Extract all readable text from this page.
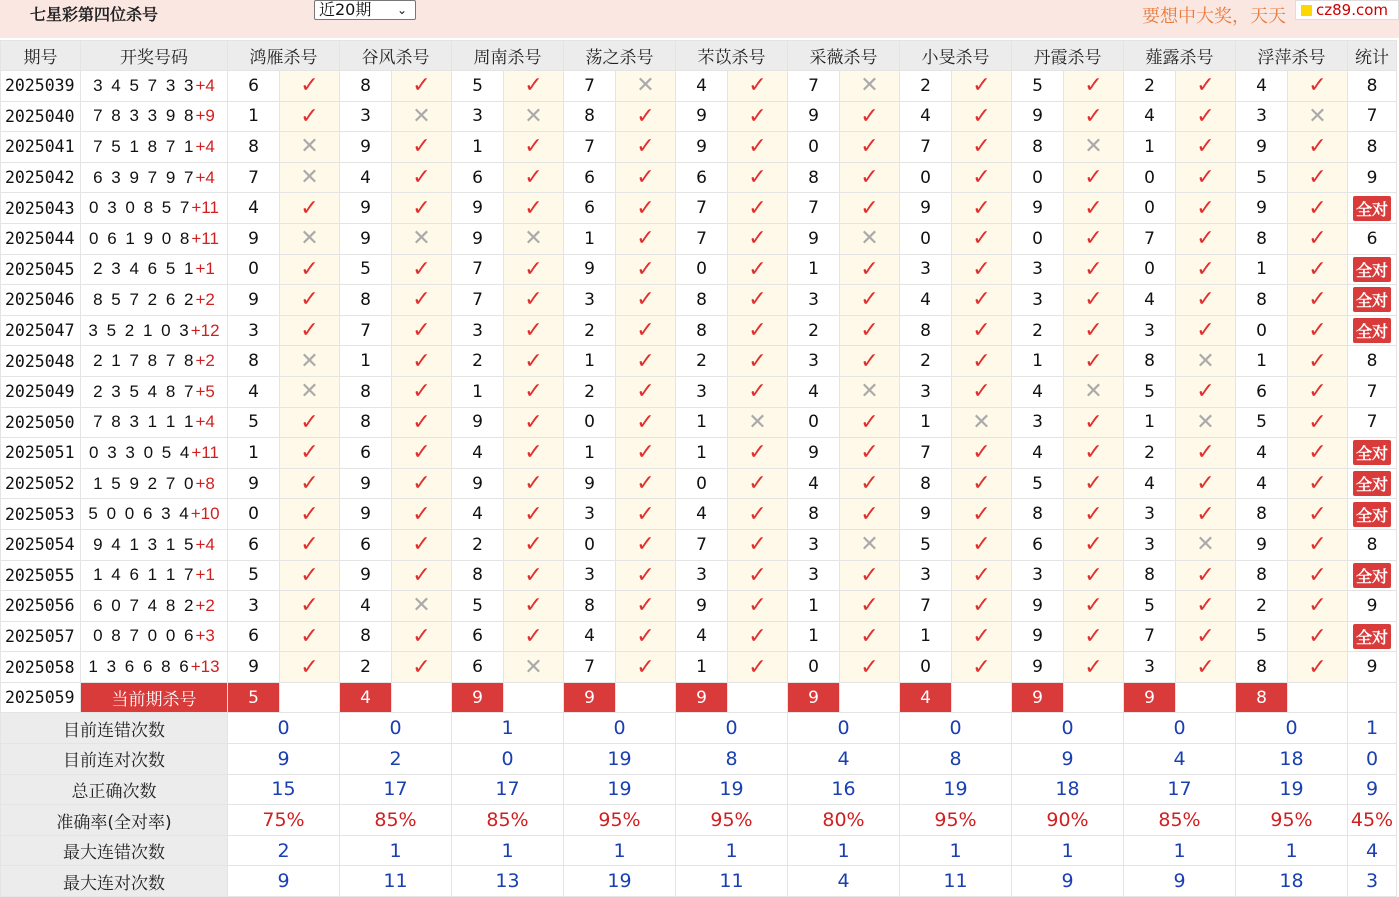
七星彩第四位杀号	近20期 ⌄	要想中大奖，天天	cz89.com
期号	开奖号码	鸿雁杀号		谷风杀号		周南杀号		荡之杀号		芣苡杀号		采薇杀号		小旻杀号		丹霞杀号		薤露杀号		浮萍杀号		统计
2025039	3 4 5 7 3 3+4	6	✓	8	✓	5	✓	7	✕	4	✓	7	✕	2	✓	5	✓	2	✓	4	✓	8
2025040	7 8 3 3 9 8+9	1	✓	3	✕	3	✕	8	✓	9	✓	9	✓	4	✓	9	✓	4	✓	3	✕	7
2025041	7 5 1 8 7 1+4	8	✕	9	✓	1	✓	7	✓	9	✓	0	✓	7	✓	8	✕	1	✓	9	✓	8
2025042	6 3 9 7 9 7+4	7	✕	4	✓	6	✓	6	✓	6	✓	8	✓	0	✓	0	✓	0	✓	5	✓	9
2025043	0 3 0 8 5 7+11	4	✓	9	✓	9	✓	6	✓	7	✓	7	✓	9	✓	9	✓	0	✓	9	✓	全对
2025044	0 6 1 9 0 8+11	9	✕	9	✕	9	✕	1	✓	7	✓	9	✕	0	✓	0	✓	7	✓	8	✓	6
2025045	2 3 4 6 5 1+1	0	✓	5	✓	7	✓	9	✓	0	✓	1	✓	3	✓	3	✓	0	✓	1	✓	全对
2025046	8 5 7 2 6 2+2	9	✓	8	✓	7	✓	3	✓	8	✓	3	✓	4	✓	3	✓	4	✓	8	✓	全对
2025047	3 5 2 1 0 3+12	3	✓	7	✓	3	✓	2	✓	8	✓	2	✓	8	✓	2	✓	3	✓	0	✓	全对
2025048	2 1 7 8 7 8+2	8	✕	1	✓	2	✓	1	✓	2	✓	3	✓	2	✓	1	✓	8	✕	1	✓	8
2025049	2 3 5 4 8 7+5	4	✕	8	✓	1	✓	2	✓	3	✓	4	✕	3	✓	4	✕	5	✓	6	✓	7
2025050	7 8 3 1 1 1+4	5	✓	8	✓	9	✓	0	✓	1	✕	0	✓	1	✕	3	✓	1	✕	5	✓	7
2025051	0 3 3 0 5 4+11	1	✓	6	✓	4	✓	1	✓	1	✓	9	✓	7	✓	4	✓	2	✓	4	✓	全对
2025052	1 5 9 2 7 0+8	9	✓	9	✓	9	✓	9	✓	0	✓	4	✓	8	✓	5	✓	4	✓	4	✓	全对
2025053	5 0 0 6 3 4+10	0	✓	9	✓	4	✓	3	✓	4	✓	8	✓	9	✓	8	✓	3	✓	8	✓	全对
2025054	9 4 1 3 1 5+4	6	✓	6	✓	2	✓	0	✓	7	✓	3	✕	5	✓	6	✓	3	✕	9	✓	8
2025055	1 4 6 1 1 7+1	5	✓	9	✓	8	✓	3	✓	3	✓	3	✓	3	✓	3	✓	8	✓	8	✓	全对
2025056	6 0 7 4 8 2+2	3	✓	4	✕	5	✓	8	✓	9	✓	1	✓	7	✓	9	✓	5	✓	2	✓	9
2025057	0 8 7 0 0 6+3	6	✓	8	✓	6	✓	4	✓	4	✓	1	✓	1	✓	9	✓	7	✓	5	✓	全对
2025058	1 3 6 6 8 6+13	9	✓	2	✓	6	✕	7	✓	1	✓	0	✓	0	✓	9	✓	3	✓	8	✓	9
2025059	当前期杀号	5		4		9		9		9		9		4		9		9		8		
目前连错次数		0		0		1		0		0		0		0		0		0		0		1
目前连对次数		9		2		0		19		8		4		8		9		4		18		0
总正确次数		15		17		17		19		19		16		19		18		17		19		9
准确率(全对率)		75%		85%		85%		95%		95%		80%		95%		90%		85%		95%		45%
最大连错次数		2		1		1		1		1		1		1		1		1		1		4
最大连对次数		9		11		13		19		11		4		11		9		9		18		3
